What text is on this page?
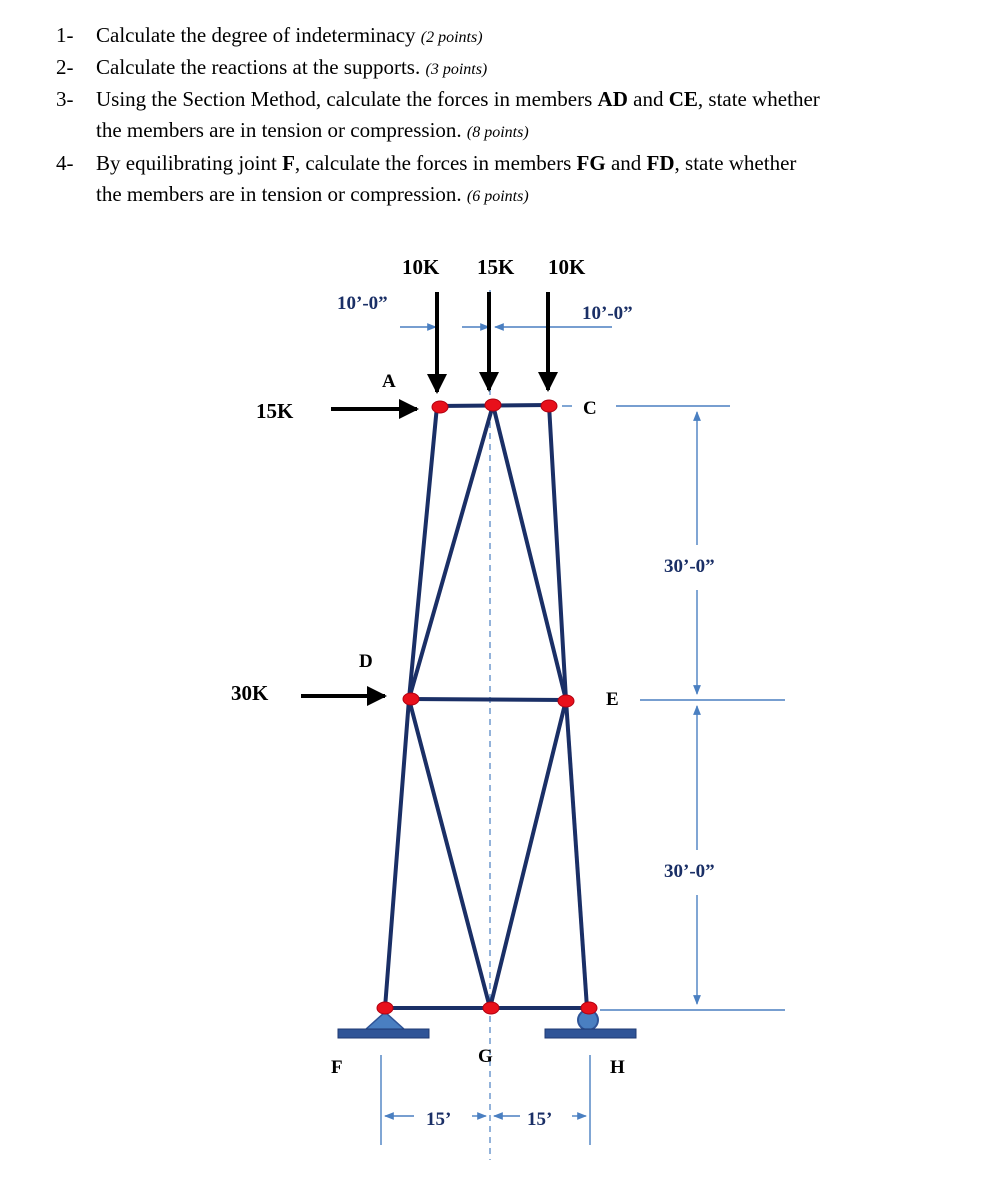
1- Calculate the degree of indeterminacy (2 points)
2- Calculate the reactions at the supports. (3 points)
3- Using the Section Method, calculate the forces in members AD and CE, state whether
the members are in tension or compression. (8 points)
4- By equilibrating joint F, calculate the forces in members FG and FD, state whether
the members are in tension or compression. (6 points)
10K 15K 10K
15K
30K
A
C
D
E
F
G
H
10’-0”	10’-0”
30’-0”
30’-0”
15’	15’
